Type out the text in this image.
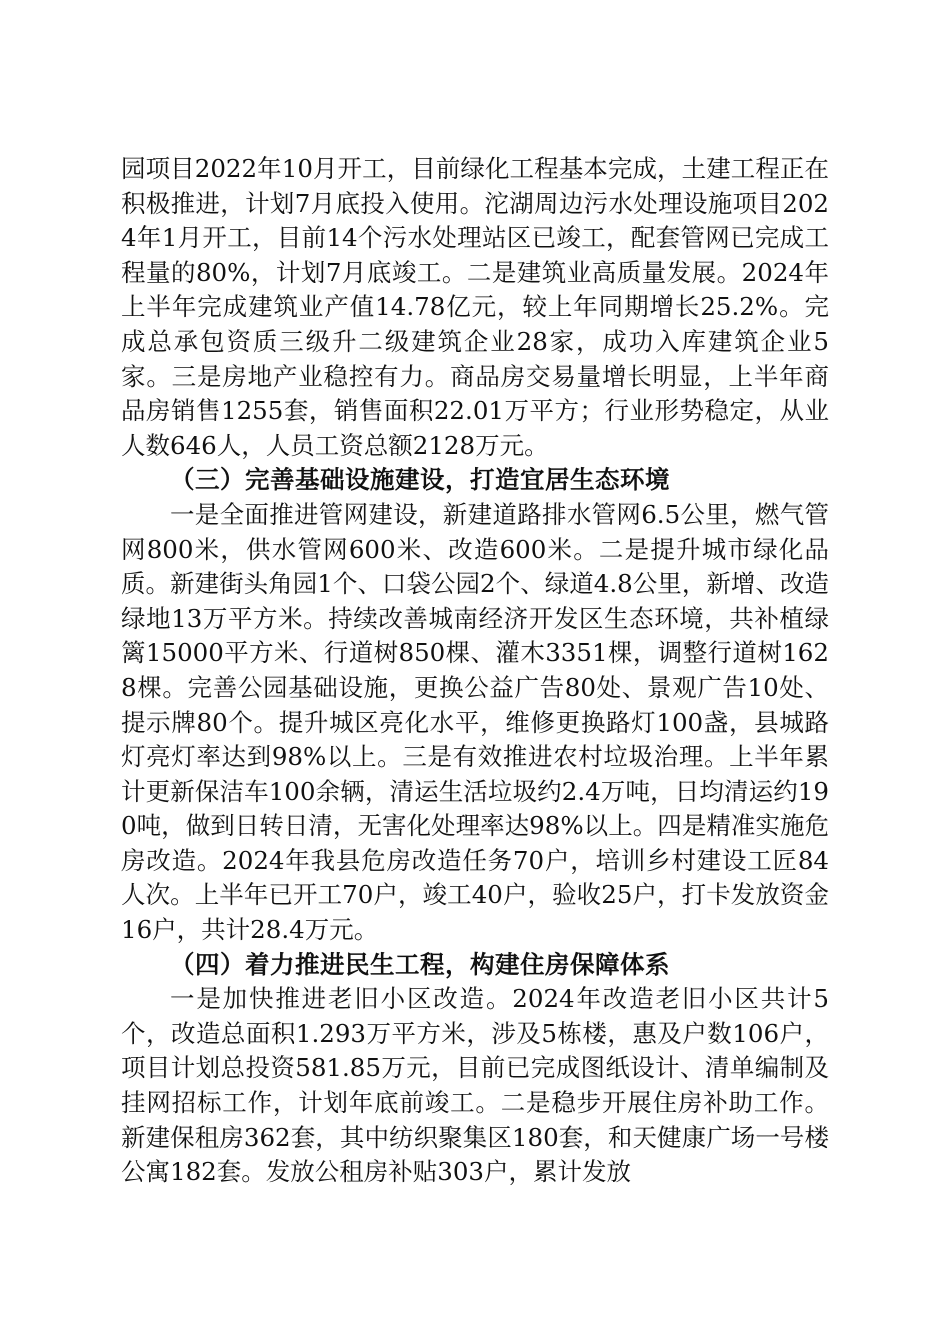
园项目2022年10月开工，目前绿化工程基本完成，土建工程正在积极推进，计划7月底投入使用。沱湖周边污水处理设施项目2024年1月开工，目前14个污水处理站区已竣工，配套管网已完成工程量的80%，计划7月底竣工。二是建筑业高质量发展。2024年上半年完成建筑业产值14.78亿元，较上年同期增长25.2%。完成总承包资质三级升二级建筑企业28家，成功入库建筑企业5家。三是房地产业稳控有力。商品房交易量增长明显，上半年商品房销售1255套，销售面积22.01万平方；行业形势稳定，从业人数646人，人员工资总额2128万元。

（三）完善基础设施建设，打造宜居生态环境

一是全面推进管网建设，新建道路排水管网6.5公里，燃气管网800米，供水管网600米、改造600米。二是提升城市绿化品质。新建街头角园1个、口袋公园2个、绿道4.8公里，新增、改造绿地13万平方米。持续改善城南经济开发区生态环境，共补植绿篱15000平方米、行道树850棵、灌木3351棵，调整行道树1628棵。完善公园基础设施，更换公益广告80处、景观广告10处、提示牌80个。提升城区亮化水平，维修更换路灯100盏，县城路灯亮灯率达到98%以上。三是有效推进农村垃圾治理。上半年累计更新保洁车100余辆，清运生活垃圾约2.4万吨，日均清运约190吨，做到日转日清，无害化处理率达98%以上。四是精准实施危房改造。2024年我县危房改造任务70户，培训乡村建设工匠84人次。上半年已开工70户，竣工40户，验收25户，打卡发放资金16户，共计28.4万元。

（四）着力推进民生工程，构建住房保障体系

一是加快推进老旧小区改造。2024年改造老旧小区共计5个，改造总面积1.293万平方米，涉及5栋楼，惠及户数106户，项目计划总投资581.85万元，目前已完成图纸设计、清单编制及挂网招标工作，计划年底前竣工。二是稳步开展住房补助工作。新建保租房362套，其中纺织聚集区180套，和天健康广场一号楼公寓182套。发放公租房补贴303户，累计发放
